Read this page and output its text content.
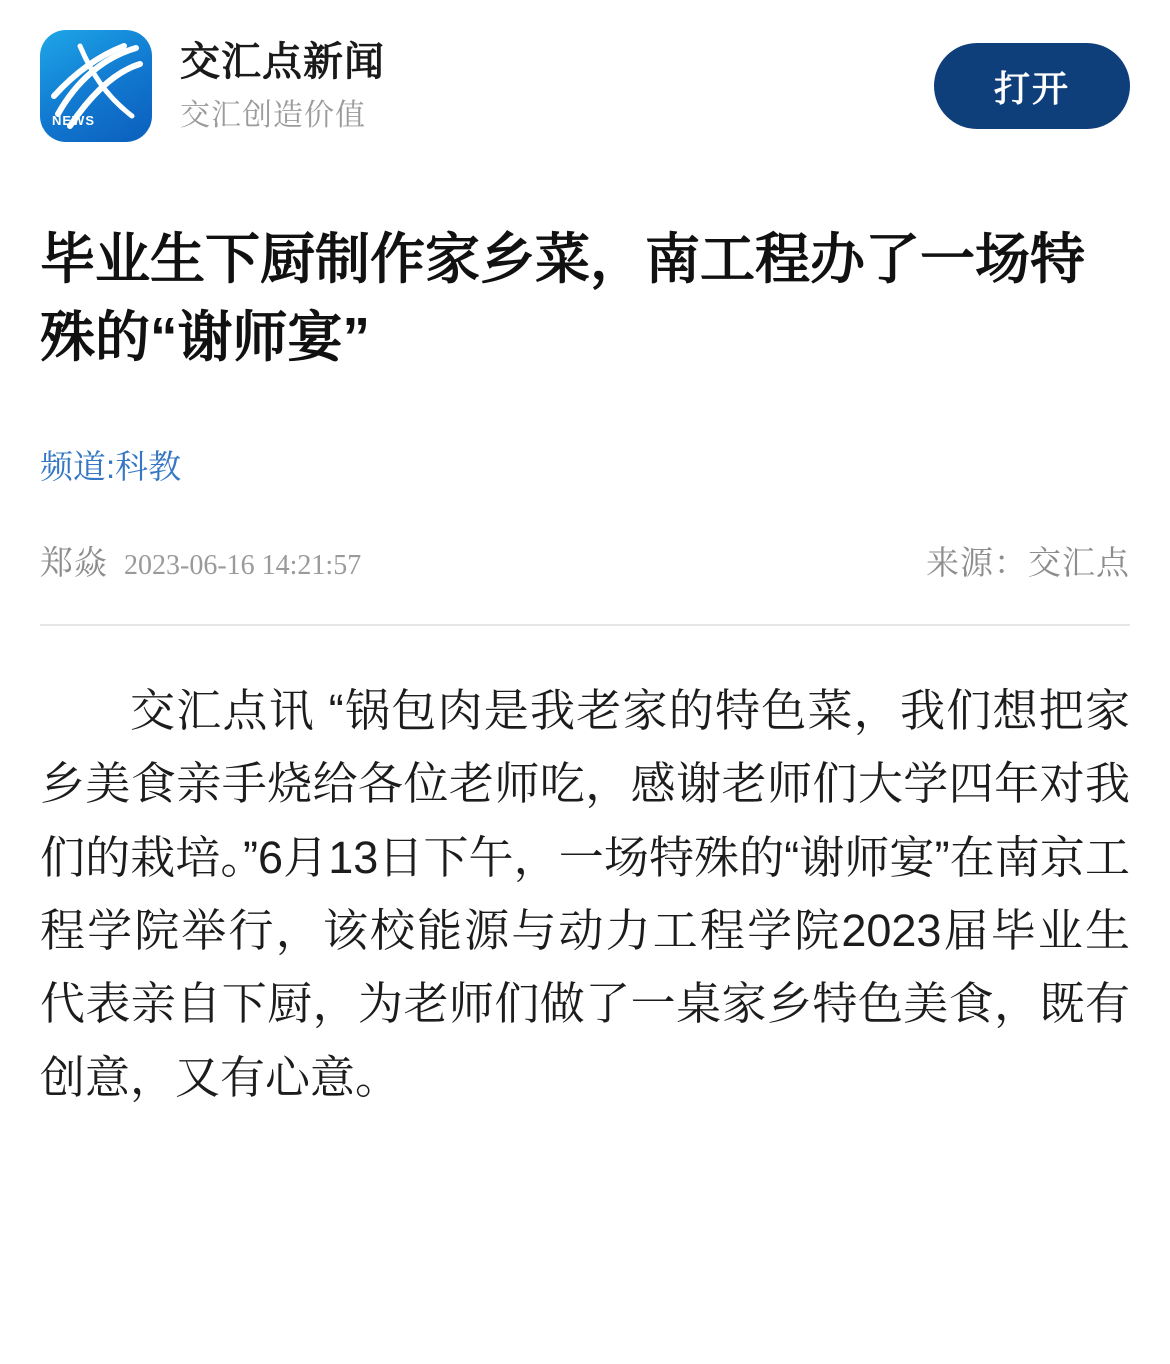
NEWS
交汇点新闻
交汇创造价值
打开
毕业生下厨制作家乡菜，南工程办了一场特殊的“谢师宴”
频道:科教
郑焱 2023-06-16 14:21:57	来源：交汇点

交汇点讯 “锅包肉是我老家的特色菜，我们想把家乡美食亲手烧给各位老师吃，感谢老师们大学四年对我们的栽培。”6月13日下午，一场特殊的“谢师宴”在南京工程学院举行，该校能源与动力工程学院2023届毕业生代表亲自下厨，为老师们做了一桌家乡特色美食，既有创意，又有心意。
